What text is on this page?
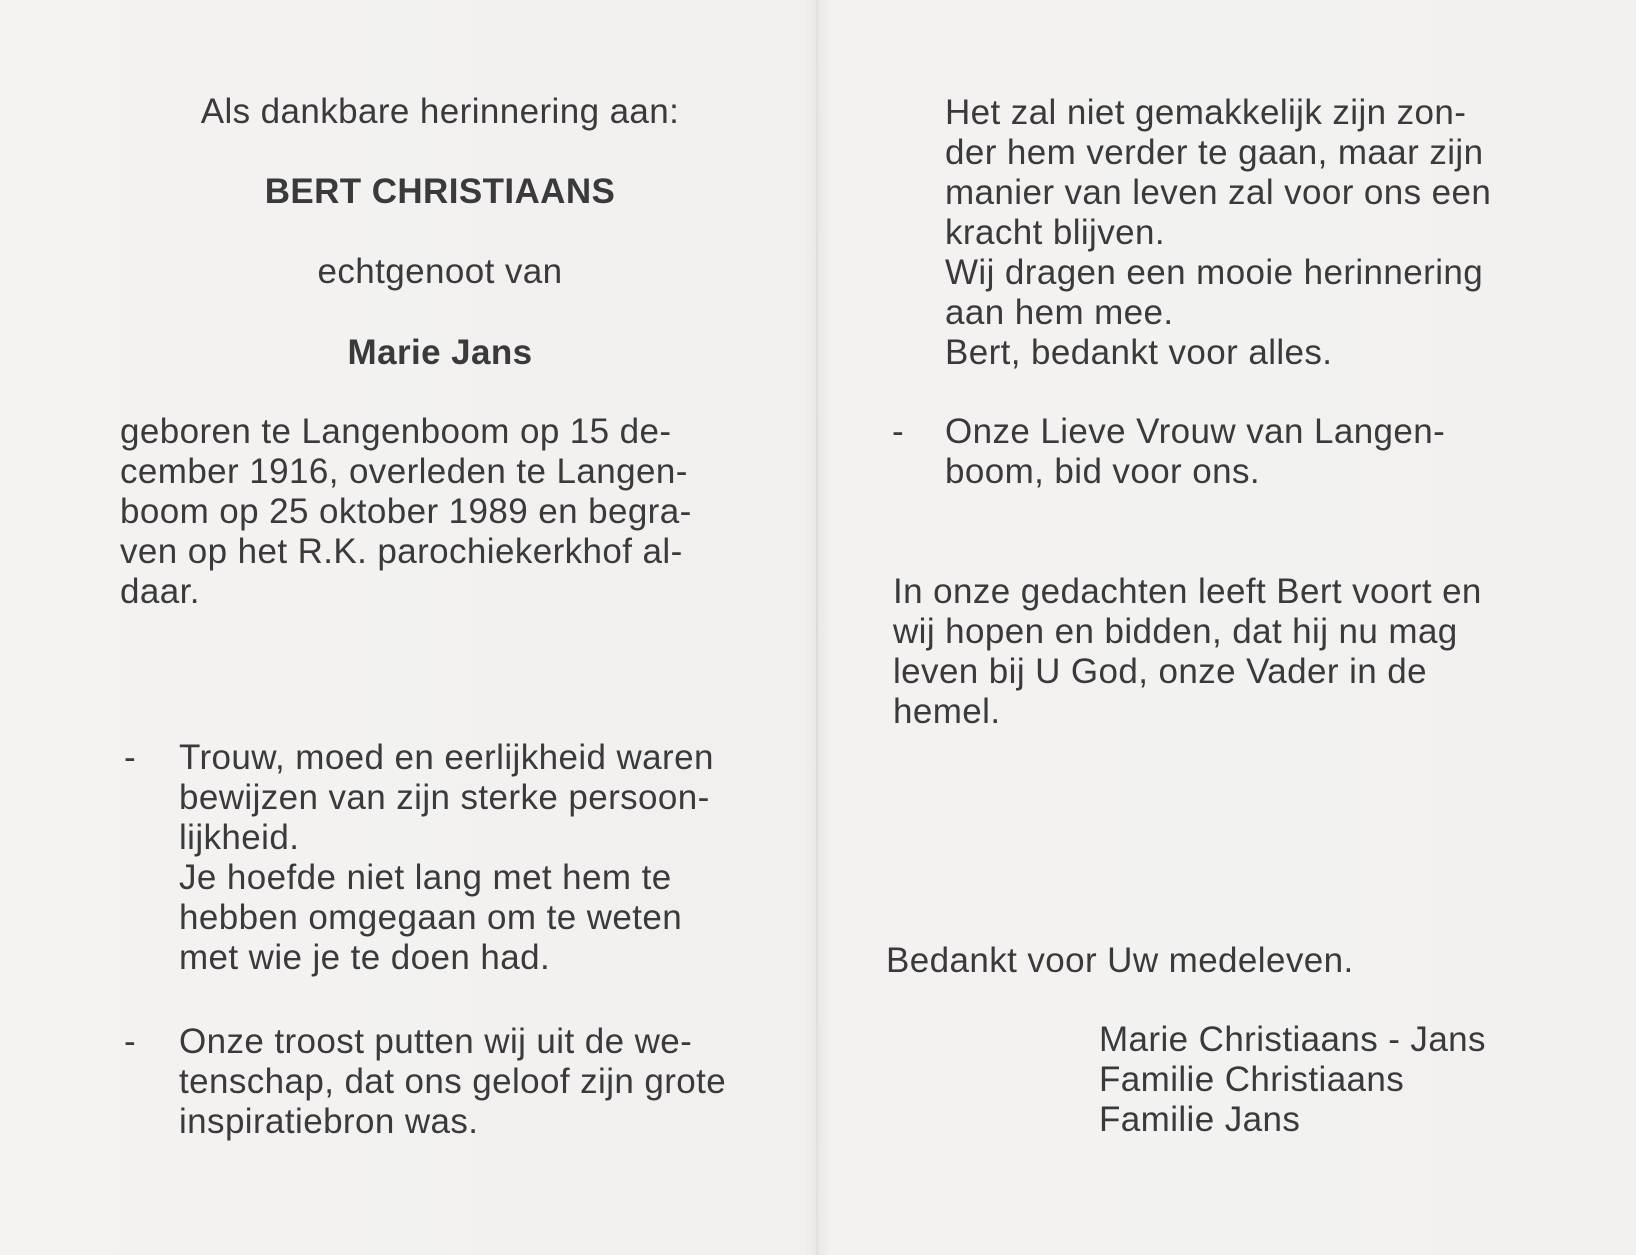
Als dankbare herinnering aan:
BERT CHRISTIAANS
echtgenoot van
Marie Jans
geboren te Langenboom op 15 de-
cember 1916, overleden te Langen-
boom op 25 oktober 1989 en begra-
ven op het R.K. parochiekerkhof al-
daar.
- Trouw, moed en eerlijkheid waren
bewijzen van zijn sterke persoon-
lijkheid.
Je hoefde niet lang met hem te
hebben omgegaan om te weten
met wie je te doen had.
- Onze troost putten wij uit de we-
tenschap, dat ons geloof zijn grote
inspiratiebron was.
Het zal niet gemakkelijk zijn zon-
der hem verder te gaan, maar zijn
manier van leven zal voor ons een
kracht blijven.
Wij dragen een mooie herinnering
aan hem mee.
Bert, bedankt voor alles.
- Onze Lieve Vrouw van Langen-
boom, bid voor ons.
In onze gedachten leeft Bert voort en
wij hopen en bidden, dat hij nu mag
leven bij U God, onze Vader in de
hemel.
Bedankt voor Uw medeleven.
Marie Christiaans - Jans
Familie Christiaans
Familie Jans
